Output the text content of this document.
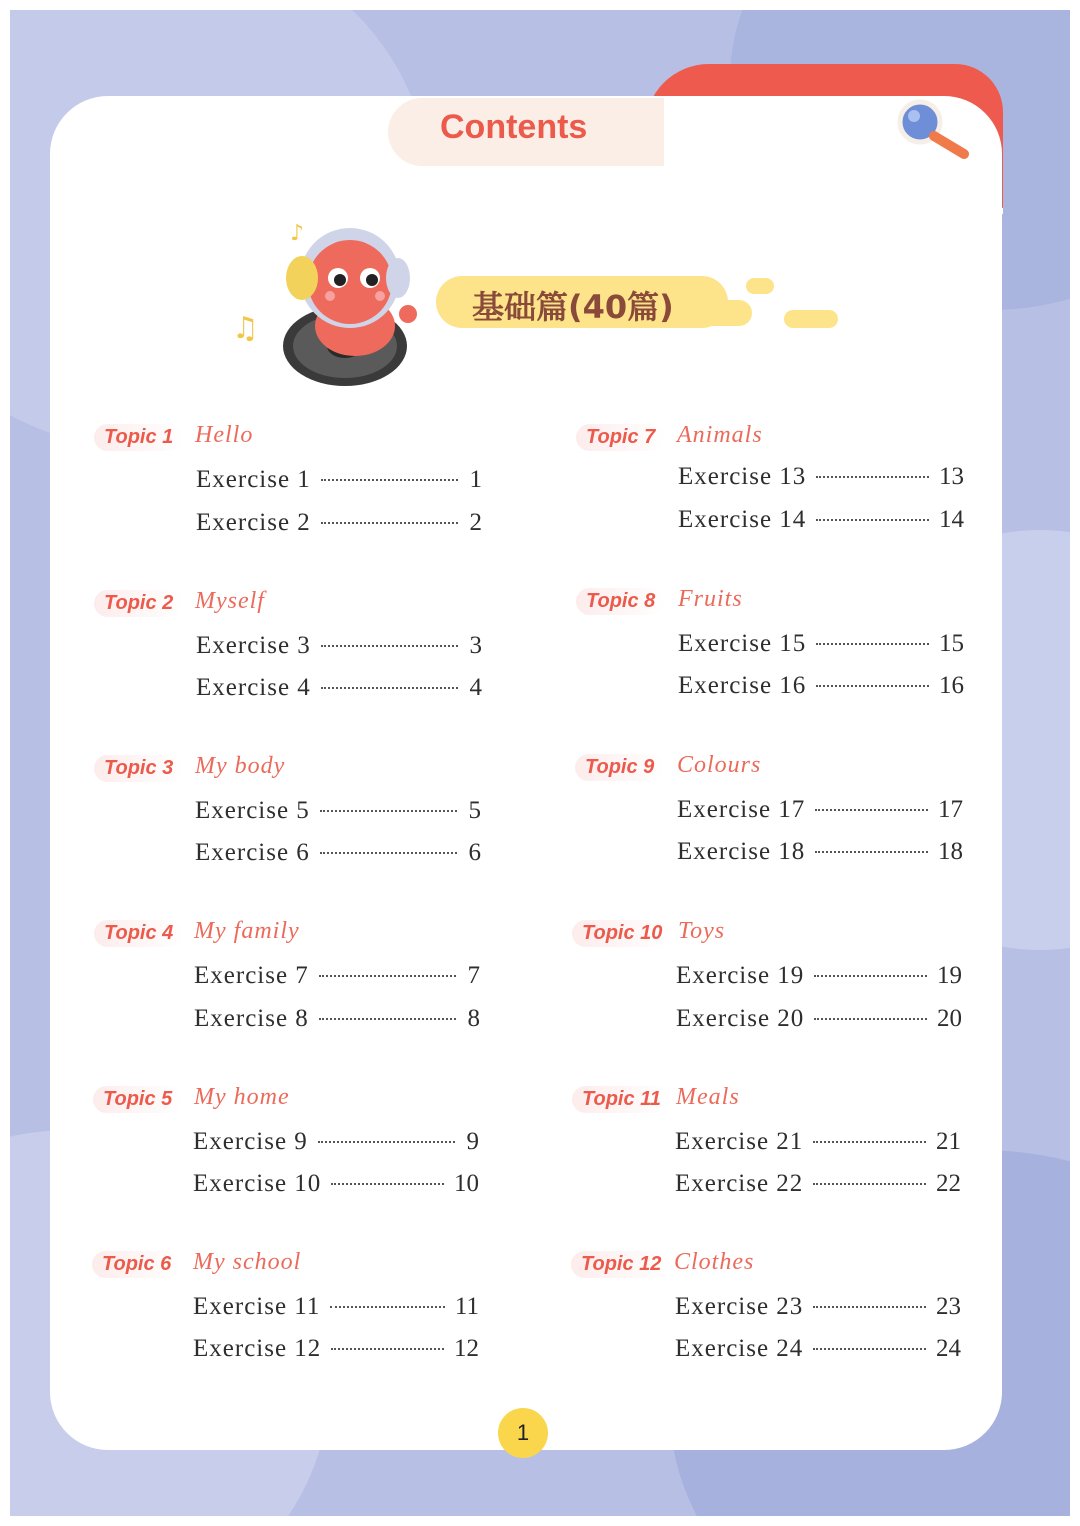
Contents 目录
♪
♫
基础篇(40篇)
Topic 1 Hello
Exercise 1	1
Exercise 2	2
Topic 2 Myself
Exercise 3	3
Exercise 4	4
Topic 3 My body
Exercise 5	5
Exercise 6	6
Topic 4 My family
Exercise 7	7
Exercise 8	8
Topic 5 My home
Exercise 9	9
Exercise 10	10
Topic 6 My school
Exercise 11	11
Exercise 12	12
Topic 7 Animals
Exercise 13	13
Exercise 14	14
Topic 8 Fruits
Exercise 15	15
Exercise 16	16
Topic 9 Colours
Exercise 17	17
Exercise 18	18
Topic 10 Toys
Exercise 19	19
Exercise 20	20
Topic 11 Meals
Exercise 21	21
Exercise 22	22
Topic 12 Clothes
Exercise 23	23
Exercise 24	24
1
